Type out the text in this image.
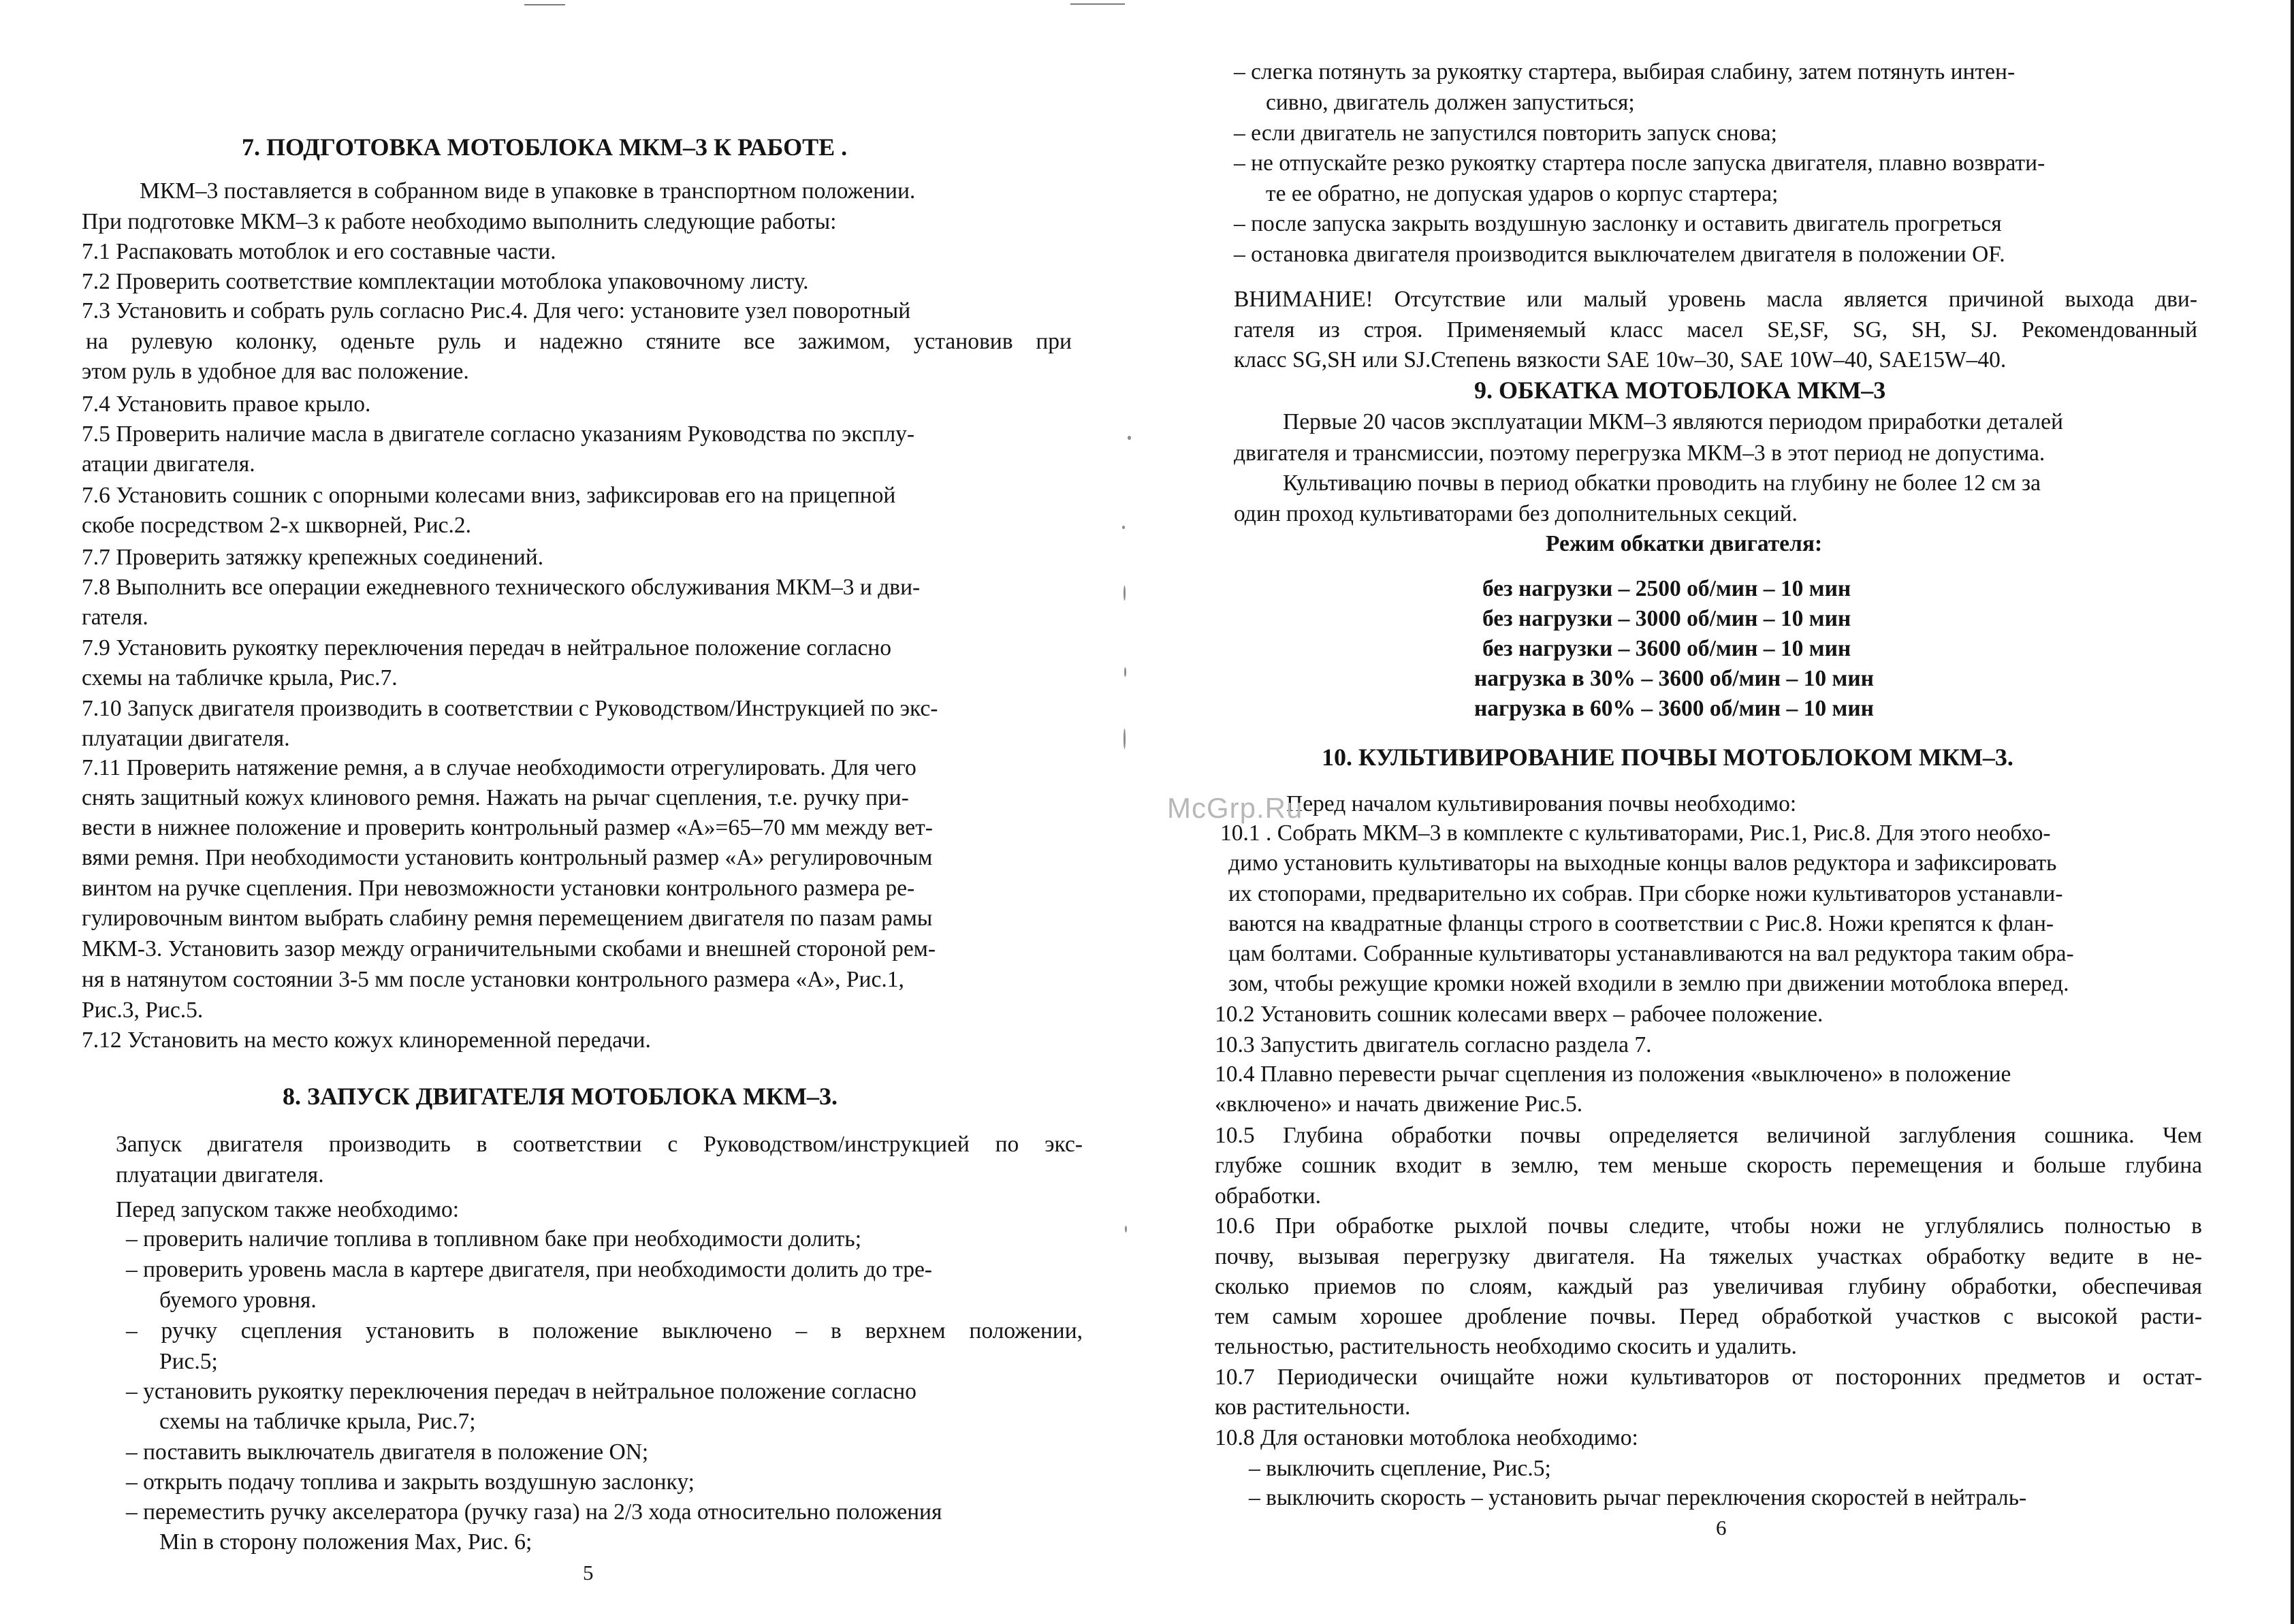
7. ПОДГОТОВКА МОТОБЛОКА МКМ–3 К РАБОТЕ .
МКМ–3 поставляется в собранном виде в упаковке в транспортном положении.
При подготовке МКМ–3 к работе необходимо выполнить следующие работы:
7.1 Распаковать мотоблок и его составные части.
7.2 Проверить соответствие комплектации мотоблока упаковочному листу.
7.3 Установить и собрать руль согласно Рис.4. Для чего: установите узел поворотный
на рулевую колонку, оденьте руль и надежно стяните все зажимом, установив при
этом руль в удобное для вас положение.
7.4 Установить правое крыло.
7.5 Проверить наличие масла в двигателе согласно указаниям Руководства по эксплу-
атации двигателя.
7.6 Установить сошник с опорными колесами вниз, зафиксировав его на прицепной
скобе посредством 2-х шкворней, Рис.2.
7.7 Проверить затяжку крепежных соединений.
7.8 Выполнить все операции ежедневного технического обслуживания МКМ–3 и дви-
гателя.
7.9 Установить рукоятку переключения передач в нейтральное положение согласно
схемы на табличке крыла, Рис.7.
7.10 Запуск двигателя производить в соответствии с Руководством/Инструкцией по экс-
плуатации двигателя.
7.11 Проверить натяжение ремня, а в случае необходимости отрегулировать. Для чего
снять защитный кожух клинового ремня. Нажать на рычаг сцепления, т.е. ручку при-
вести в нижнее положение и проверить контрольный размер «А»=65–70 мм между вет-
вями ремня. При необходимости установить контрольный размер «А» регулировочным
винтом на ручке сцепления. При невозможности установки контрольного размера ре-
гулировочным винтом выбрать слабину ремня перемещением двигателя по пазам рамы
МКМ-3. Установить зазор между ограничительными скобами и внешней стороной рем-
ня в натянутом состоянии 3-5 мм после установки контрольного размера «А», Рис.1,
Рис.3, Рис.5.
7.12 Установить на место кожух клиноременной передачи.
8. ЗАПУСК ДВИГАТЕЛЯ МОТОБЛОКА МКМ–3.
Запуск двигателя производить в соответствии с Руководством/инструкцией по экс-
плуатации двигателя.
Перед запуском также необходимо:
– проверить наличие топлива в топливном баке при необходимости долить;
– проверить уровень масла в картере двигателя, при необходимости долить до тре-
буемого уровня.
– ручку сцепления установить в положение выключено – в верхнем положении,
Рис.5;
– установить рукоятку переключения передач в нейтральное положение согласно
схемы на табличке крыла, Рис.7;
– поставить выключатель двигателя в положение ON;
– открыть подачу топлива и закрыть воздушную заслонку;
– переместить ручку акселератора (ручку газа) на 2/3 хода относительно положения
Min в сторону положения Max, Рис. 6;
5
– слегка потянуть за рукоятку стартера, выбирая слабину, затем потянуть интен-
сивно, двигатель должен запуститься;
– если двигатель не запустился повторить запуск снова;
– не отпускайте резко рукоятку стартера после запуска двигателя, плавно возврати-
те ее обратно, не допуская ударов о корпус стартера;
– после запуска закрыть воздушную заслонку и оставить двигатель прогреться
– остановка двигателя производится выключателем двигателя в положении OF.
ВНИМАНИЕ! Отсутствие или малый уровень масла является причиной выхода дви-
гателя из строя. Применяемый класс масел SE,SF, SG, SH, SJ. Рекомендованный
класс SG,SH или SJ.Степень вязкости SAE 10w–30, SAE 10W–40, SAE15W–40.
9. ОБКАТКА МОТОБЛОКА МКМ–3
Первые 20 часов эксплуатации МКМ–3 являются периодом приработки деталей
двигателя и трансмиссии, поэтому перегрузка МКМ–3 в этот период не допустима.
Культивацию почвы в период обкатки проводить на глубину не более 12 см за
один проход культиваторами без дополнительных секций.
Режим обкатки двигателя:
без нагрузки – 2500 об/мин – 10 мин
без нагрузки – 3000 об/мин – 10 мин
без нагрузки – 3600 об/мин – 10 мин
нагрузка в 30% – 3600 об/мин – 10 мин
нагрузка в 60% – 3600 об/мин – 10 мин
10. КУЛЬТИВИРОВАНИЕ ПОЧВЫ МОТОБЛОКОМ МКМ–3.
Перед началом культивирования почвы необходимо:
10.1 . Собрать МКМ–3 в комплекте с культиваторами, Рис.1, Рис.8. Для этого необхо-
димо установить культиваторы на выходные концы валов редуктора и зафиксировать
их стопорами, предварительно их собрав. При сборке ножи культиваторов устанавли-
ваются на квадратные фланцы строго в соответствии с Рис.8. Ножи крепятся к флан-
цам болтами. Собранные культиваторы устанавливаются на вал редуктора таким обра-
зом, чтобы режущие кромки ножей входили в землю при движении мотоблока вперед.
10.2 Установить сошник колесами вверх – рабочее положение.
10.3 Запустить двигатель согласно раздела 7.
10.4 Плавно перевести рычаг сцепления из положения «выключено» в положение
«включено» и начать движение Рис.5.
10.5 Глубина обработки почвы определяется величиной заглубления сошника. Чем
глубже сошник входит в землю, тем меньше скорость перемещения и больше глубина
обработки.
10.6 При обработке рыхлой почвы следите, чтобы ножи не углублялись полностью в
почву, вызывая перегрузку двигателя. На тяжелых участках обработку ведите в не-
сколько приемов по слоям, каждый раз увеличивая глубину обработки, обеспечивая
тем самым хорошее дробление почвы. Перед обработкой участков с высокой расти-
тельностью, растительность необходимо скосить и удалить.
10.7 Периодически очищайте ножи культиваторов от посторонних предметов и остат-
ков растительности.
10.8 Для остановки мотоблока необходимо:
– выключить сцепление, Рис.5;
– выключить скорость – установить рычаг переключения скоростей в нейтраль-
6
McGrp.Ru
